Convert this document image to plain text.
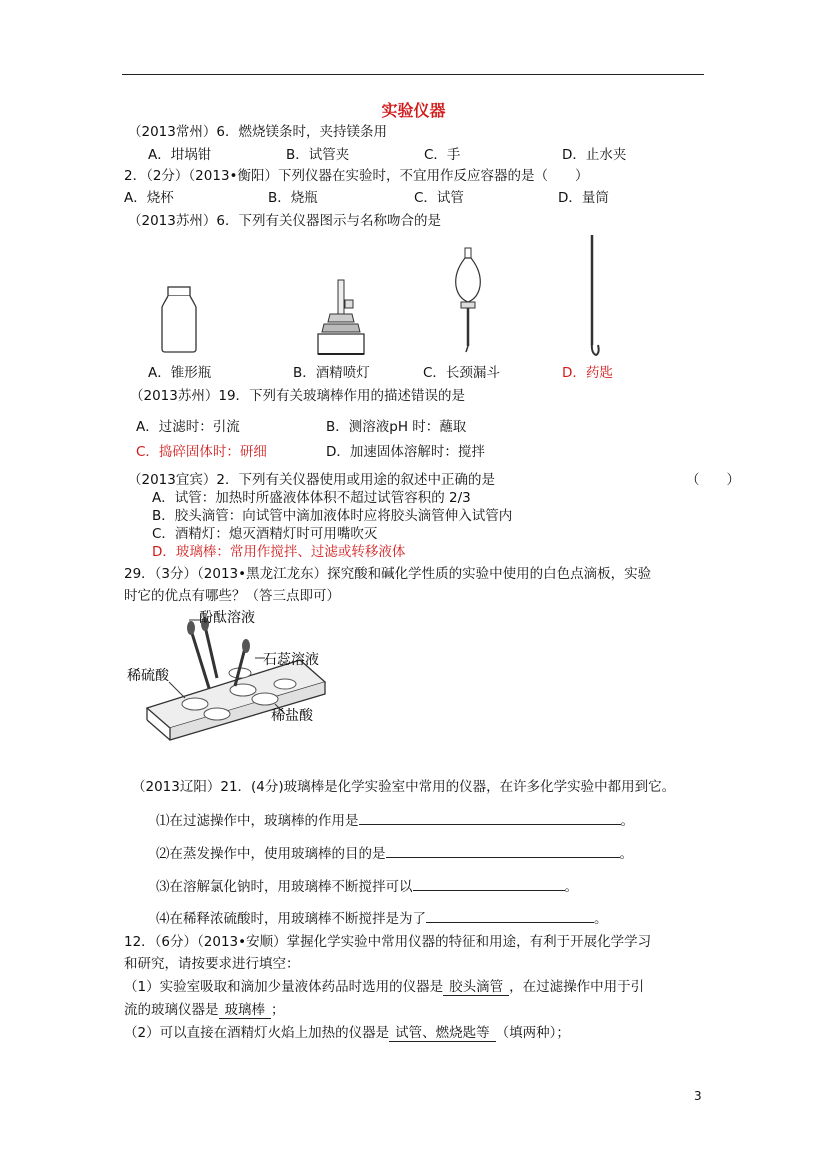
实验仪器
（2013常州）6．燃烧镁条时，夹持镁条用
A．坩埚钳	B．试管夹	C．手	D．止水夹
2．（2分）（2013•衡阳）下列仪器在实验时，不宜用作反应容器的是（　　）
A．烧杯	B．烧瓶	C．试管	D．量筒
（2013苏州）6．下列有关仪器图示与名称吻合的是
A．锥形瓶	B．酒精喷灯	C．长颈漏斗	D．药匙
（2013苏州）19．下列有关玻璃棒作用的描述错误的是
A．过滤时：引流	B．测溶液pH 时：蘸取
C．捣碎固体时：研细	D．加速固体溶解时：搅拌
（2013宜宾）2．下列有关仪器使用或用途的叙述中正确的是	（　　）
A．试管：加热时所盛液体体积不超过试管容积的 2/3
B．胶头滴管：向试管中滴加液体时应将胶头滴管伸入试管内
C．酒精灯：熄灭酒精灯时可用嘴吹灭
D．玻璃棒：常用作搅拌、过滤或转移液体
29．（3分）（2013•黑龙江龙东）探究酸和碱化学性质的实验中使用的白色点滴板，实验
时它的优点有哪些？（答三点即可）
酚酞溶液
石蕊溶液
稀硫酸
稀盐酸
（2013辽阳）21．(4分)玻璃棒是化学实验室中常用的仪器，在许多化学实验中都用到它。
⑴在过滤操作中，玻璃棒的作用是	。
⑵在蒸发操作中，使用玻璃棒的目的是	。
⑶在溶解氯化钠时，用玻璃棒不断搅拌可以	。
⑷在稀释浓硫酸时，用玻璃棒不断搅拌是为了	。
12．（6分）（2013•安顺）掌握化学实验中常用仪器的特征和用途，有利于开展化学学习
和研究，请按要求进行填空：
（1）实验室吸取和滴加少量液体药品时选用的仪器是 胶头滴管 ，在过滤操作中用于引
流的玻璃仪器是 玻璃棒 ；
（2）可以直接在酒精灯火焰上加热的仪器是 试管、燃烧匙等 （填两种）；
3
